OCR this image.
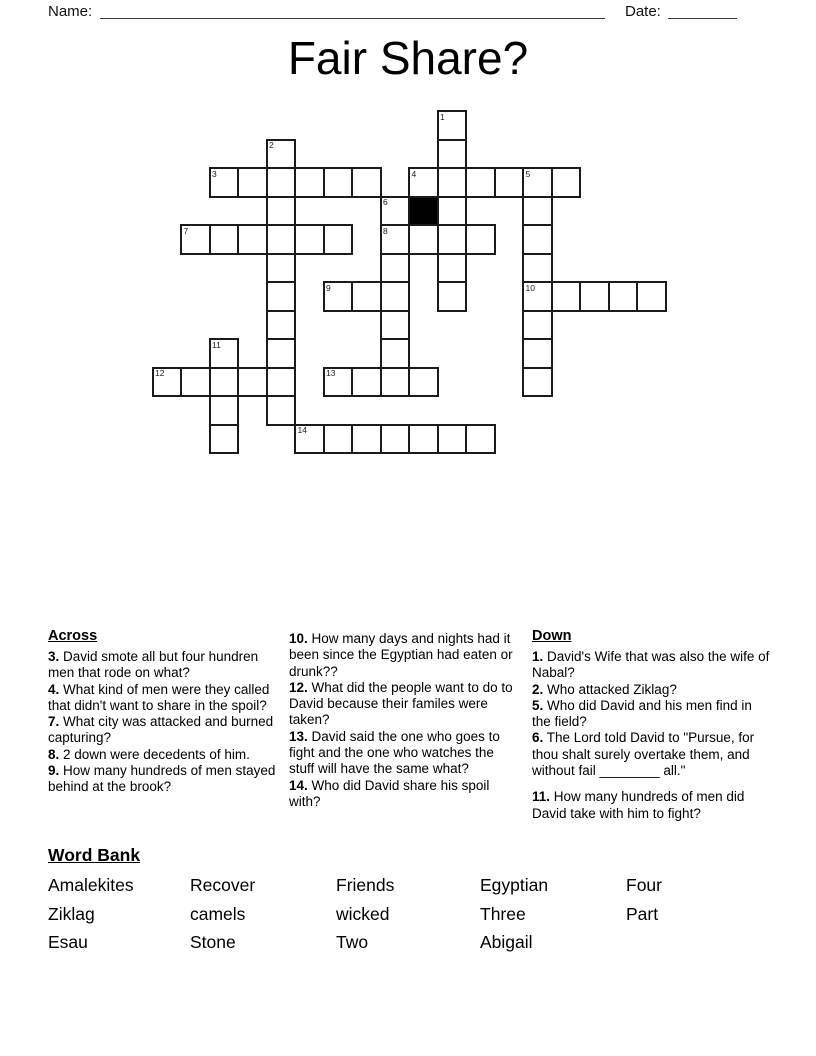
Name:	Date:
Fair Share?
1
2
3	4	5
6
7	8
9	10
11
12	13
14
Across

3. David smote all but four hundren men that rode on what?

4. What kind of men were they called that didn't want to share in the spoil?

7. What city was attacked and burned capturing?

8. 2 down were decedents of him.

9. How many hundreds of men stayed behind at the brook?

10. How many days and nights had it been since the Egyptian had eaten or drunk??

12. What did the people want to do to David because their familes were taken?

13. David said the one who goes to fight and the one who watches the stuff will have the same what?

14. Who did David share his spoil with?

Down

1. David's Wife that was also the wife of Nabal?

2. Who attacked Ziklag?

5. Who did David and his men find in the field?

6. The Lord told David to "Pursue, for thou shalt surely overtake them, and without fail ________ all."

11. How many hundreds of men did David take with him to fight?

Word Bank
Amalekites	Recover	Friends	Egyptian	Four
Ziklag	camels	wicked	Three	Part
Esau	Stone	Two	Abigail
